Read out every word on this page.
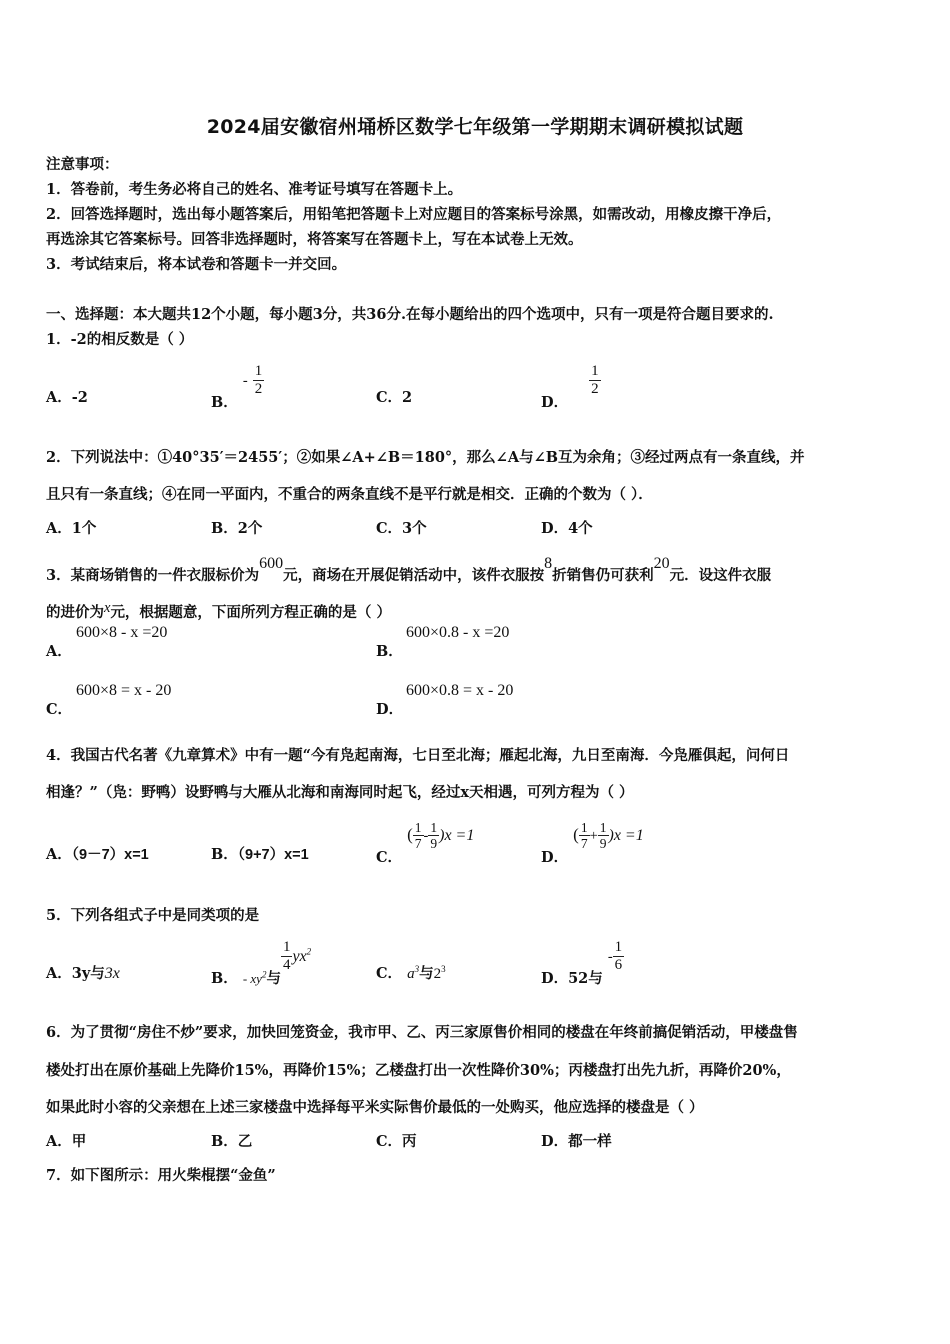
2024届安徽宿州埇桥区数学七年级第一学期期末调研模拟试题
注意事项：
1．答卷前，考生务必将自己的姓名、准考证号填写在答题卡上。
2．回答选择题时，选出每小题答案后，用铅笔把答题卡上对应题目的答案标号涂黑，如需改动，用橡皮擦干净后，
再选涂其它答案标号。回答非选择题时，将答案写在答题卡上，写在本试卷上无效。
3．考试结束后，将本试卷和答题卡一并交回。
一、选择题：本大题共12个小题，每小题3分，共36分.在每小题给出的四个选项中，只有一项是符合题目要求的.
1．-2的相反数是（ ）
A．-2	B． - $\frac{1}{2}$	C．2	D．
$\frac{1}{2}$
2．下列说法中：①40°35′＝2455′；②如果∠A+∠B＝180°，那么∠A与∠B互为余角；③经过两点有一条直线，并
且只有一条直线；④在同一平面内，不重合的两条直线不是平行就是相交．正确的个数为（ ）．
A．1个	B．2个	C．3个	D．4个
3．某商场销售的一件衣服标价为600元，商场在开展促销活动中，该件衣服按8折销售仍可获利20元．设这件衣服
的进价为x元，根据题意，下面所列方程正确的是（ ）
A．
600×8 - x =20
B．
600×0.8 - x =20
C．
600×8 = x - 20
D．
600×0.8 = x - 20
4．我国古代名著《九章算术》中有一题“今有凫起南海，七日至北海；雁起北海，九日至南海．今凫雁俱起，问何日
相逢？”（凫：野鸭）设野鸭与大雁从北海和南海同时起飞，经过x天相遇，可列方程为（ ）
A．（9－7）x=1	B．（9+7）x=1	C． ( $\frac{1}{7} - \frac{1}{9} )x =1$
D． ( $\frac{1}{7} + \frac{1}{9} )x =1$
5．下列各组式子中是同类项的是
A．3y与3x	B． - $xy^2$与
$\frac{1}{4} yx^2$
C． $a^3$与$2^3$
D．52与 - $\frac{1}{6}$
6．为了贯彻“房住不炒”要求，加快回笼资金，我市甲、乙、丙三家原售价相同的楼盘在年终前搞促销活动，甲楼盘售
楼处打出在原价基础上先降价15%，再降价15%；乙楼盘打出一次性降价30%；丙楼盘打出先九折，再降价20%，
如果此时小容的父亲想在上述三家楼盘中选择每平米实际售价最低的一处购买，他应选择的楼盘是（ ）
A．甲	B．乙	C．丙	D．都一样
7．如下图所示：用火柴棍摆“金鱼”
